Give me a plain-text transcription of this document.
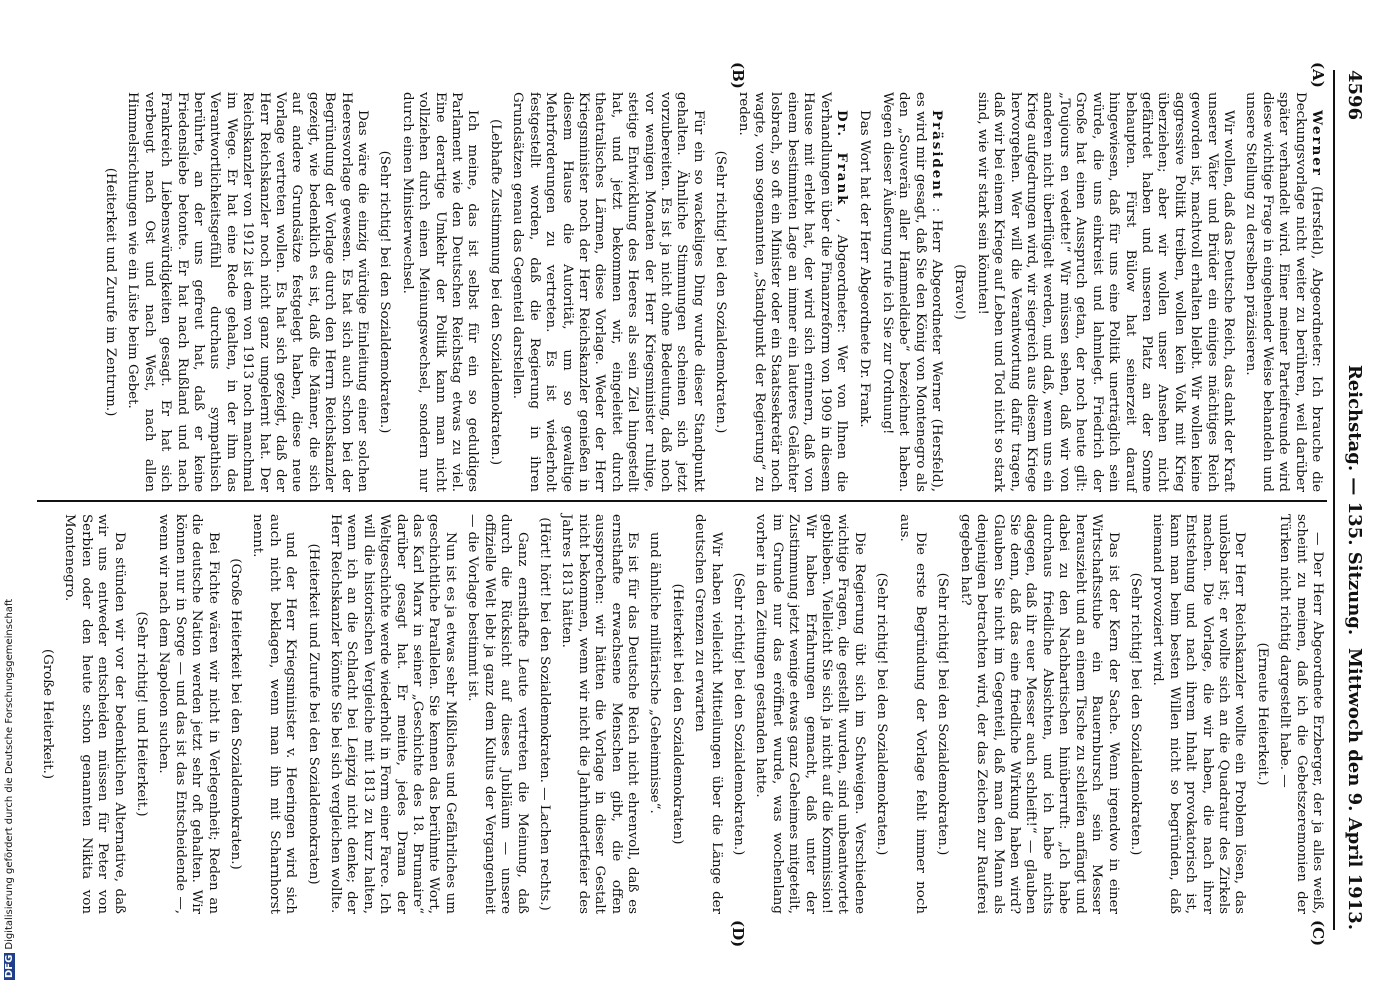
4596
Reichstag. — 135. Sitzung.
Mittwoch den 9. April 1913.
(A)
(B)
(C)
(D)

Werner (Hersfeld), Abgeordneter: Ich brauche die Deckungsvorlage nicht weiter zu berühren, weil darüber später verhandelt wird. Einer meiner Parteifreunde wird diese wichtige Frage in eingehender Weise behandeln und unsere Stellung zu derselben präzisieren.

Wir wollen, daß das Deutsche Reich, das dank der Kraft unserer Väter und Brüder ein einiges mächtiges Reich geworden ist, machtvoll erhalten bleibt. Wir wollen keine aggressive Politik treiben, wollen kein Volk mit Krieg überziehen; aber wir wollen unser Ansehen nicht gefährdet haben und unseren Platz an der Sonne behaupten. Fürst Bülow hat seinerzeit darauf hingewiesen, daß für uns eine Politik unerträglich sein würde, die uns einkreist und lahmlegt. Friedrich der Große hat einen Ausspruch getan, der noch heute gilt: „Toujours en vedette!“ Wir müssen sehen, daß wir von anderen nicht überflügelt werden, und daß, wenn uns ein Krieg aufgedrungen wird, wir siegreich aus diesem Kriege hervorgehen. Wer will die Verantwortung dafür tragen, daß wir bei einem Kriege auf Leben und Tod nicht so stark sind, wie wir stark sein könnten!

(Bravo!)

Präsident : Herr Abgeordneter Werner (Hersfeld), es wird mir gesagt, daß Sie den König von Montenegro als den „Souverän aller Hammeldiebe“ bezeichnet haben. Wegen dieser Äußerung rufe ich Sie zur Ordnung!

Das Wort hat der Herr Abgeordnete Dr. Frank.

Dr. Frank , Abgeordneter: Wer von Ihnen die Verhandlungen über die Finanzreform von 1909 in diesem Hause mit erlebt hat, der wird sich erinnern, daß von einem bestimmten Lage an immer ein lauteres Gelächter losbrach, so oft ein Minister oder ein Staatssekretär noch wagte, vom sogenannten „Standpunkt der Regierung“ zu reden.

(Sehr richtig! bei den Sozialdemokraten.)

Für ein so wackeliges Ding wurde dieser Standpunkt gehalten. Ähnliche Stimmungen scheinen sich jetzt vorzubereiten. Es ist ja nicht ohne Bedeutung, daß noch vor wenigen Monaten der Herr Kriegsminister ruhige, stetige Entwicklung des Heeres als sein Ziel hingestellt hat, und jetzt bekommen wir, eingeleitet durch theatralisches Lärmen, diese Vorlage. Weder der Herr Kriegsminister noch der Herr Reichskanzler genießen in diesem Hause die Autorität, um so gewaltige Mehrforderungen zu vertreten. Es ist wiederholt festgestellt worden, daß die Regierung in ihren Grundsätzen genau das Gegenteil darstellen.

(Lebhafte Zustimmung bei den Sozialdemokraten.)

Ich meine, das ist selbst für ein so geduldiges Parlament wie den Deutschen Reichstag etwas zu viel. Eine derartige Umkehr der Politik kann man nicht vollziehen durch einen Meinungswechsel, sondern nur durch einen Ministerwechsel.

(Sehr richtig! bei den Sozialdemokraten.)

Das wäre die einzig würdige Einleitung einer solchen Heeresvorlage gewesen. Es hat sich auch schon bei der Begründung der Vorlage durch den Herrn Reichskanzler gezeigt, wie bedenklich es ist, daß die Männer, die sich auf andere Grundsätze festgelegt haben, diese neue Vorlage vertreten wollen. Es hat sich gezeigt, daß der Herr Reichskanzler noch nicht ganz umgelernt hat. Der Reichskanzler von 1912 ist dem von 1913 noch manchmal im Wege. Er hat eine Rede gehalten, in der ihm das Verantwortlichkeitsgefühl durchaus sympathisch berührte, an der uns gefreut hat, daß er keine Friedensliebe betonte. Er hat nach Rußland und nach Frankreich Liebenswürdigkeiten gesagt. Er hat sich verbeugt nach Ost und nach West, nach allen Himmelsrichtungen wie ein Lüste beim Gebet.

(Heiterkeit und Zurufe im Zentrum.)

— Der Herr Abgeordnete Erzberger, der ja alles weiß, scheint zu meinen, daß ich die Gebetszeremonien der Türken nicht richtig dargestellt habe. —

(Erneute Heiterkeit.)

Der Herr Reichskanzler wollte ein Problem lösen, das unlösbar ist; er wollte sich an die Quadratur des Zirkels machen. Die Vorlage, die wir haben, die nach ihrer Entstehung und nach ihrem Inhalt provokatorisch ist, kann man beim besten Willen nicht so begründen, daß niemand provoziert wird.

(Sehr richtig! bei den Sozialdemokraten.)

Das ist der Kern der Sache. Wenn irgendwo in einer Wirtschaftsstube ein Bauernbursch sein Messer herauszieht und an einem Tische zu schleifen anfängt und dabei zu den Nachbartischen hinüberruft: „Ich habe durchaus friedliche Absichten, und ich habe nichts dagegen, daß ihr euer Messer auch schleift!“ — glauben Sie denn, daß das eine friedliche Wirkung haben wird? Glauben Sie nicht im Gegenteil, daß man den Mann als denjenigen betrachten wird, der das Zeichen zur Rauferei gegeben hat?

(Sehr richtig! bei den Sozialdemokraten.)

Die erste Begründung der Vorlage fehlt immer noch aus.

(Sehr richtig! bei den Sozialdemokraten.)

Die Regierung übt sich im Schweigen. Verschiedene wichtige Fragen, die gestellt wurden, sind unbeantwortet geblieben. Vielleicht Sie sich ja nicht auf die Kommission! Wir haben Erfahrungen gemacht, daß unter der Zustimmung jetzt wenige etwas ganz Geheimes mitgeteilt, im Grunde nur das eröffnet wurde, was wochenlang vorher in den Zeitungen gestanden hatte.

(Sehr richtig! bei den Sozialdemokraten.)

Wir haben vielleicht Mitteilungen über die Länge der deutschen Grenzen zu erwarten

(Heiterkeit bei den Sozialdemokraten)

und ähnliche militärische „Geheimnisse“.

Es ist für das Deutsche Reich nicht ehrenvoll, daß es ernsthafte erwachsene Menschen gibt, die offen aussprechen: wir hätten die Vorlage in dieser Gestalt nicht bekommen, wenn wir nicht die Jahrhundertfeier des Jahres 1813 hätten.

(Hört! hört! bei den Sozialdemokraten. — Lachen rechts.)

Ganz ernsthafte Leute vertreten die Meinung, daß durch die Rücksicht auf dieses Jubiläum — unsere offizielle Welt lebt ja ganz dem Kultus der Vergangenheit — die Vorlage bestimmt ist.

Nun ist es ja etwas sehr Mißliches und Gefährliches um geschichtliche Parallelen. Sie kennen das berühmte Wort, das Karl Marx in seiner „Geschichte des 18. Brumaire“ darüber gesagt hat. Er meinte, jedes Drama der Weltgeschichte werde wiederholt in Form einer Farce. Ich will die historischen Vergleiche mit 1813 zu kurz halten, wenn ich an die Schlacht bei Leipzig nicht denke; der Herr Reichskanzler könnte Sie bei sich vergleichen wollte.

(Heiterkeit und Zurufe bei den Sozialdemokraten)

und der Herr Kriegsminister v. Heeringen wird sich auch nicht beklagen, wenn man ihn mit Scharnhorst nennt.

(Große Heiterkeit bei den Sozialdemokraten.)

Bei Fichte wären wir nicht in Verlegenheit; Reden an die deutsche Nation werden jetzt sehr oft gehalten. Wir können nur in Sorge — und das ist das Entscheidende —, wenn wir nach dem Napoleon suchen.

(Sehr richtig! und Heiterkeit.)

Da stünden wir vor der bedenklichen Alternative, daß wir uns entweder entscheiden müssen für Peter von Serbien oder den heute schon genannten Nikita von Montenegro.

(Große Heiterkeit.)

DFGDigitalisierung gefördert durch die Deutsche Forschungsgemeinschaft
